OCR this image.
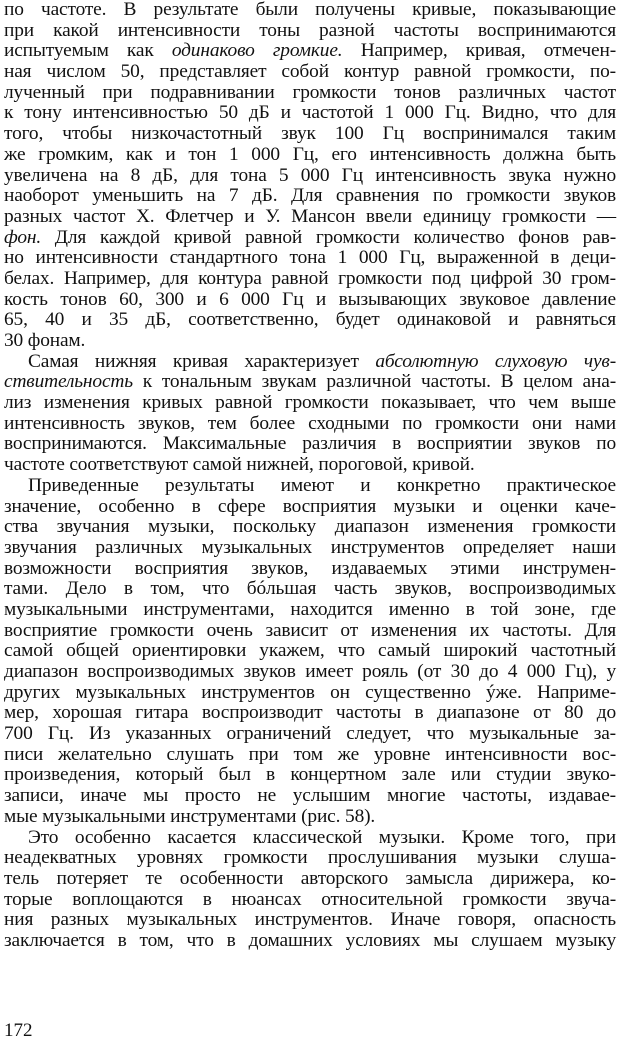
по частоте. В результате были получены кривые, показывающие
при какой интенсивности тоны разной частоты воспринимаются
испытуемым как одинаково громкие. Например, кривая, отмечен-
ная числом 50, представляет собой контур равной громкости, по-
лученный при подравнивании громкости тонов различных частот
к тону интенсивностью 50 дБ и частотой 1 000 Гц. Видно, что для
того, чтобы низкочастотный звук 100 Гц воспринимался таким
же громким, как и тон 1 000 Гц, его интенсивность должна быть
увеличена на 8 дБ, для тона 5 000 Гц интенсивность звука нужно
наоборот уменьшить на 7 дБ. Для сравнения по громкости звуков
разных частот Х. Флетчер и У. Мансон ввели единицу громкости —
фон. Для каждой кривой равной громкости количество фонов рав-
но интенсивности стандартного тона 1 000 Гц, выраженной в деци-
белах. Например, для контура равной громкости под цифрой 30 гром-
кость тонов 60, 300 и 6 000 Гц и вызывающих звуковое давление
65, 40 и 35 дБ, соответственно, будет одинаковой и равняться
30 фонам.
Самая нижняя кривая характеризует абсолютную слуховую чув-
ствительность к тональным звукам различной частоты. В целом ана-
лиз изменения кривых равной громкости показывает, что чем выше
интенсивность звуков, тем более сходными по громкости они нами
воспринимаются. Максимальные различия в восприятии звуков по
частоте соответствуют самой нижней, пороговой, кривой.
Приведенные результаты имеют и конкретно практическое
значение, особенно в сфере восприятия музыки и оценки каче-
ства звучания музыки, поскольку диапазон изменения громкости
звучания различных музыкальных инструментов определяет наши
возможности восприятия звуков, издаваемых этими инструмен-
тами. Дело в том, что бóльшая часть звуков, воспроизводимых
музыкальными инструментами, находится именно в той зоне, где
восприятие громкости очень зависит от изменения их частоты. Для
самой общей ориентировки укажем, что самый широкий частотный
диапазон воспроизводимых звуков имеет рояль (от 30 до 4 000 Гц), у
других музыкальных инструментов он существенно ýже. Наприме-
мер, хорошая гитара воспроизводит частоты в диапазоне от 80 до
700 Гц. Из указанных ограничений следует, что музыкальные за-
писи желательно слушать при том же уровне интенсивности вос-
произведения, который был в концертном зале или студии звуко-
записи, иначе мы просто не услышим многие частоты, издавае-
мые музыкальными инструментами (рис. 58).
Это особенно касается классической музыки. Кроме того, при
неадекватных уровнях громкости прослушивания музыки слуша-
тель потеряет те особенности авторского замысла дирижера, ко-
торые воплощаются в нюансах относительной громкости звуча-
ния разных музыкальных инструментов. Иначе говоря, опасность
заключается в том, что в домашних условиях мы слушаем музыку
172
